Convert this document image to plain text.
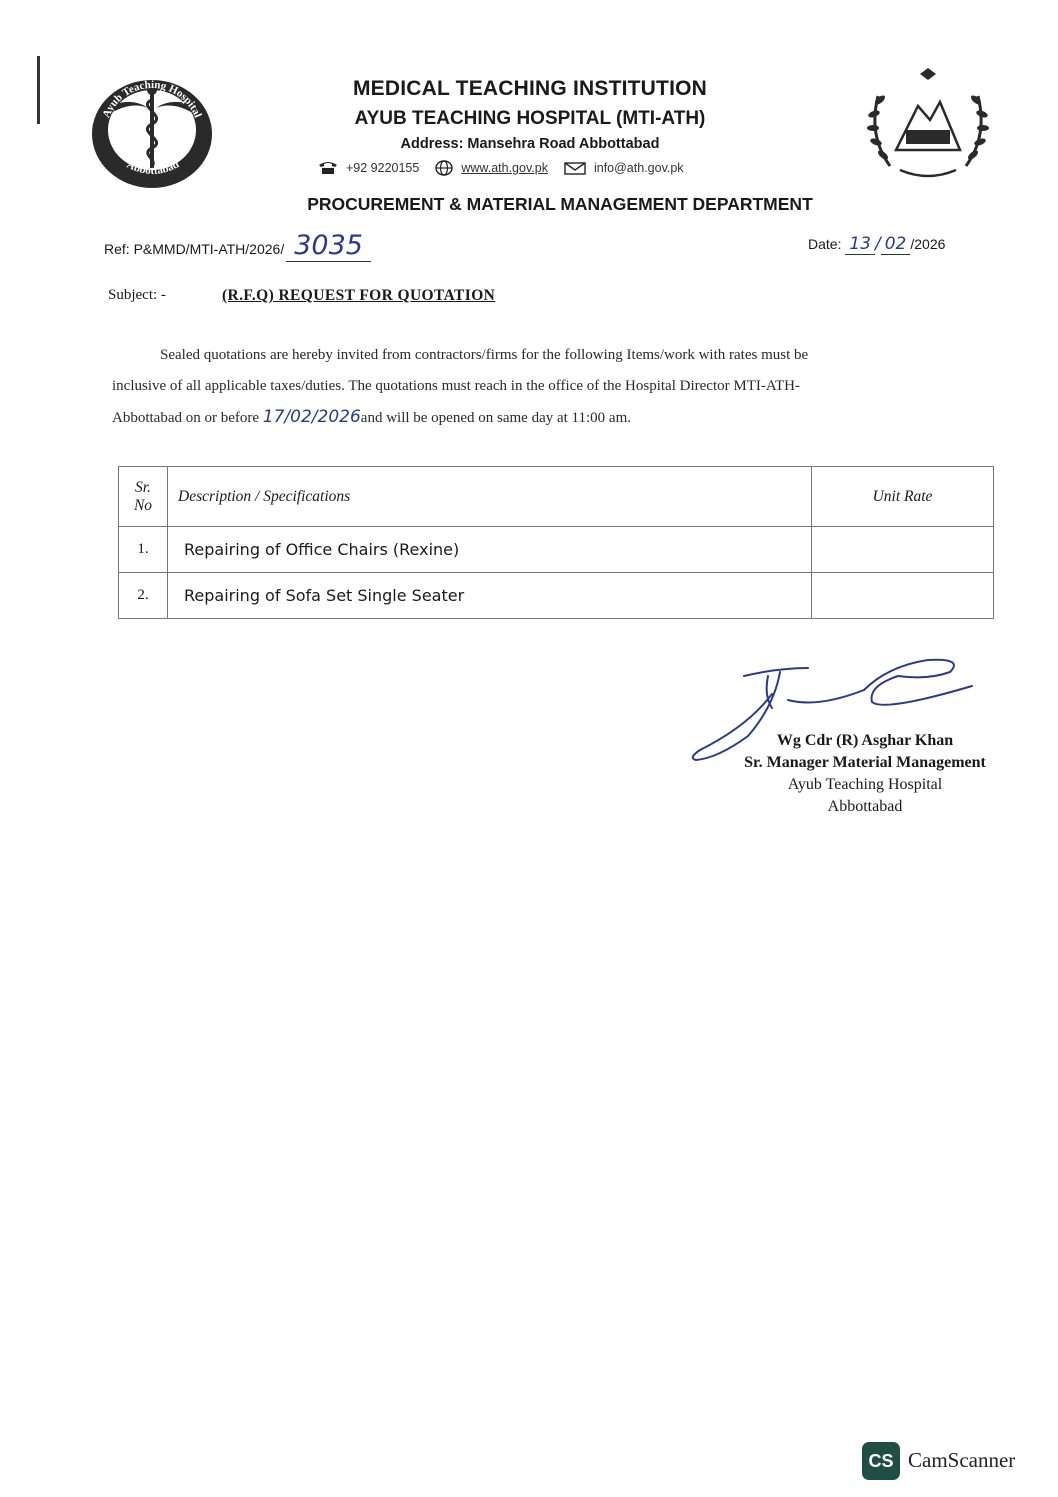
Ayub Teaching Hospital
Abbottabad
MEDICAL TEACHING INSTITUTION
AYUB TEACHING HOSPITAL (MTI-ATH)
Address: Mansehra Road Abbottabad
+92 9220155	www.ath.gov.pk	info@ath.gov.pk
PROCUREMENT & MATERIAL MANAGEMENT DEPARTMENT
Ref: P&MMD/MTI-ATH/2026/ 3035	Date: 13 / 02 /2026
Subject: -	(R.F.Q) REQUEST FOR QUOTATION
Sealed quotations are hereby invited from contractors/firms for the following Items/work with rates must be
inclusive of all applicable taxes/duties. The quotations must reach in the office of the Hospital Director MTI-ATH-
Abbottabad on or before 17/02/2026and will be opened on same day at 11:00 am.
Sr.
No	Description / Specifications	Unit Rate
1.	Repairing of Office Chairs (Rexine)	
2.	Repairing of Sofa Set Single Seater	
Wg Cdr (R) Asghar Khan
Sr. Manager Material Management
Ayub Teaching Hospital
Abbottabad
CS CamScanner
